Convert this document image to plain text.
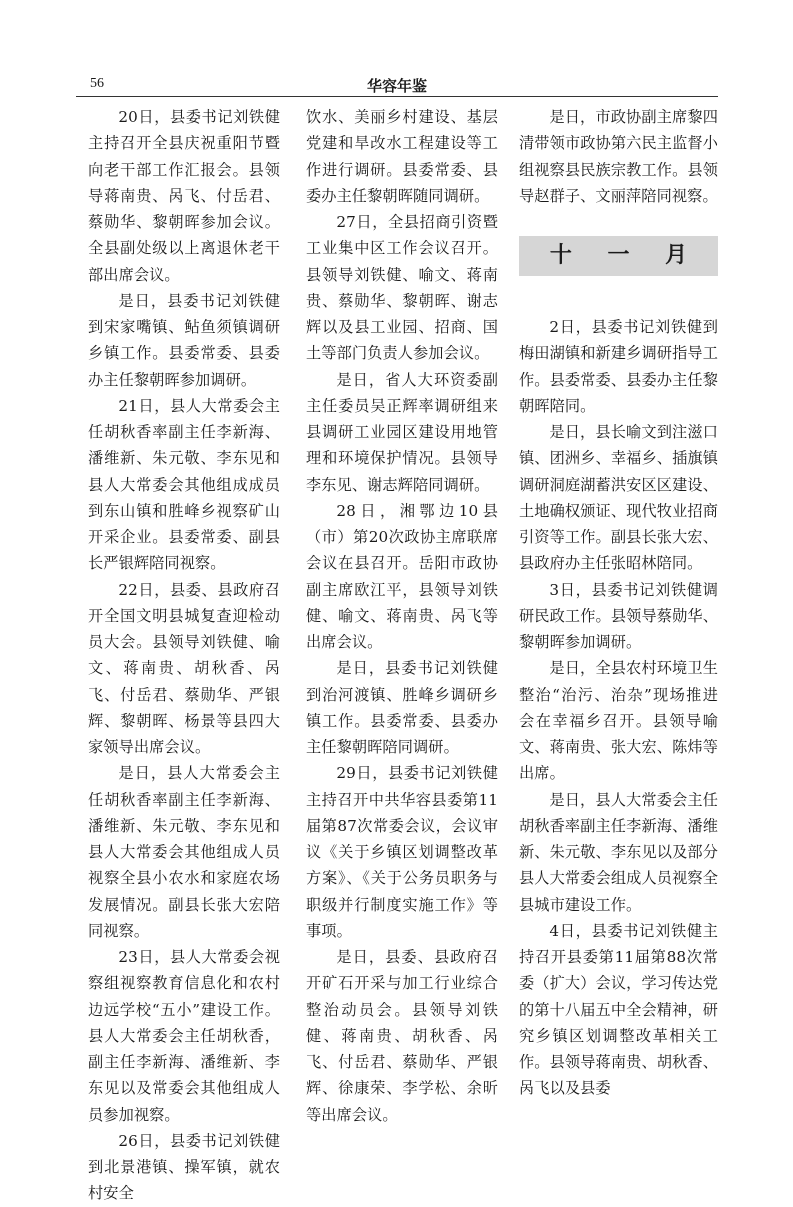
56	华容年鉴

20日，县委书记刘铁健主持召开全县庆祝重阳节暨向老干部工作汇报会。县领导蒋南贵、呙飞、付岳君、蔡勋华、黎朝晖参加会议。全县副处级以上离退休老干部出席会议。

是日，县委书记刘铁健到宋家嘴镇、鲇鱼须镇调研乡镇工作。县委常委、县委办主任黎朝晖参加调研。

21日，县人大常委会主任胡秋香率副主任李新海、潘维新、朱元敬、李东见和县人大常委会其他组成成员到东山镇和胜峰乡视察矿山开采企业。县委常委、副县长严银辉陪同视察。

22日，县委、县政府召开全国文明县城复查迎检动员大会。县领导刘铁健、喻文、蒋南贵、胡秋香、呙飞、付岳君、蔡勋华、严银辉、黎朝晖、杨景等县四大家领导出席会议。

是日，县人大常委会主任胡秋香率副主任李新海、潘维新、朱元敬、李东见和县人大常委会其他组成人员视察全县小农水和家庭农场发展情况。副县长张大宏陪同视察。

23日，县人大常委会视察组视察教育信息化和农村边远学校“五小”建设工作。县人大常委会主任胡秋香，副主任李新海、潘维新、李东见以及常委会其他组成人员参加视察。

26日，县委书记刘铁健到北景港镇、操军镇，就农村安全

饮水、美丽乡村建设、基层党建和旱改水工程建设等工作进行调研。县委常委、县委办主任黎朝晖随同调研。

27日，全县招商引资暨工业集中区工作会议召开。县领导刘铁健、喻文、蒋南贵、蔡勋华、黎朝晖、谢志辉以及县工业园、招商、国土等部门负责人参加会议。

是日，省人大环资委副主任委员吴正辉率调研组来县调研工业园区建设用地管理和环境保护情况。县领导李东见、谢志辉陪同调研。

28日，湘鄂边10县（市）第20次政协主席联席会议在县召开。岳阳市政协副主席欧江平，县领导刘铁健、喻文、蒋南贵、呙飞等出席会议。

是日，县委书记刘铁健到治河渡镇、胜峰乡调研乡镇工作。县委常委、县委办主任黎朝晖陪同调研。

29日，县委书记刘铁健主持召开中共华容县委第11届第87次常委会议，会议审议《关于乡镇区划调整改革方案》、《关于公务员职务与职级并行制度实施工作》等事项。

是日，县委、县政府召开矿石开采与加工行业综合整治动员会。县领导刘铁健、蒋南贵、胡秋香、呙飞、付岳君、蔡勋华、严银辉、徐康荣、李学松、余昕等出席会议。

是日，市政协副主席黎四清带领市政协第六民主监督小组视察县民族宗教工作。县领导赵群子、文丽萍陪同视察。

十 一 月

2日，县委书记刘铁健到梅田湖镇和新建乡调研指导工作。县委常委、县委办主任黎朝晖陪同。

是日，县长喻文到注滋口镇、团洲乡、幸福乡、插旗镇调研洞庭湖蓄洪安区区建设、土地确权颁证、现代牧业招商引资等工作。副县长张大宏、县政府办主任张昭林陪同。

3日，县委书记刘铁健调研民政工作。县领导蔡勋华、黎朝晖参加调研。

是日，全县农村环境卫生整治“治污、治杂”现场推进会在幸福乡召开。县领导喻文、蒋南贵、张大宏、陈炜等出席。

是日，县人大常委会主任胡秋香率副主任李新海、潘维新、朱元敬、李东见以及部分县人大常委会组成人员视察全县城市建设工作。

4日，县委书记刘铁健主持召开县委第11届第88次常委（扩大）会议，学习传达党的第十八届五中全会精神，研究乡镇区划调整改革相关工作。县领导蒋南贵、胡秋香、呙飞以及县委
